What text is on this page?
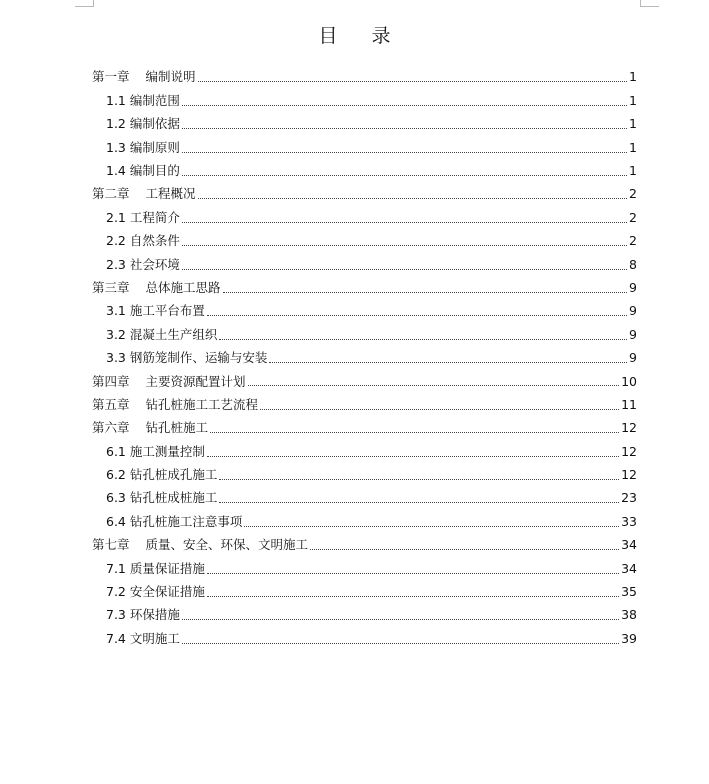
目 录
第一章 编制说明	1
1.1 编制范围	1
1.2 编制依据	1
1.3 编制原则	1
1.4 编制目的	1
第二章 工程概况	2
2.1 工程简介	2
2.2 自然条件	2
2.3 社会环境	8
第三章 总体施工思路	9
3.1 施工平台布置	9
3.2 混凝土生产组织	9
3.3 钢筋笼制作、运输与安装	9
第四章 主要资源配置计划	10
第五章 钻孔桩施工工艺流程	11
第六章 钻孔桩施工	12
6.1 施工测量控制	12
6.2 钻孔桩成孔施工	12
6.3 钻孔桩成桩施工	23
6.4 钻孔桩施工注意事项	33
第七章 质量、安全、环保、文明施工	34
7.1 质量保证措施	34
7.2 安全保证措施	35
7.3 环保措施	38
7.4 文明施工	39
